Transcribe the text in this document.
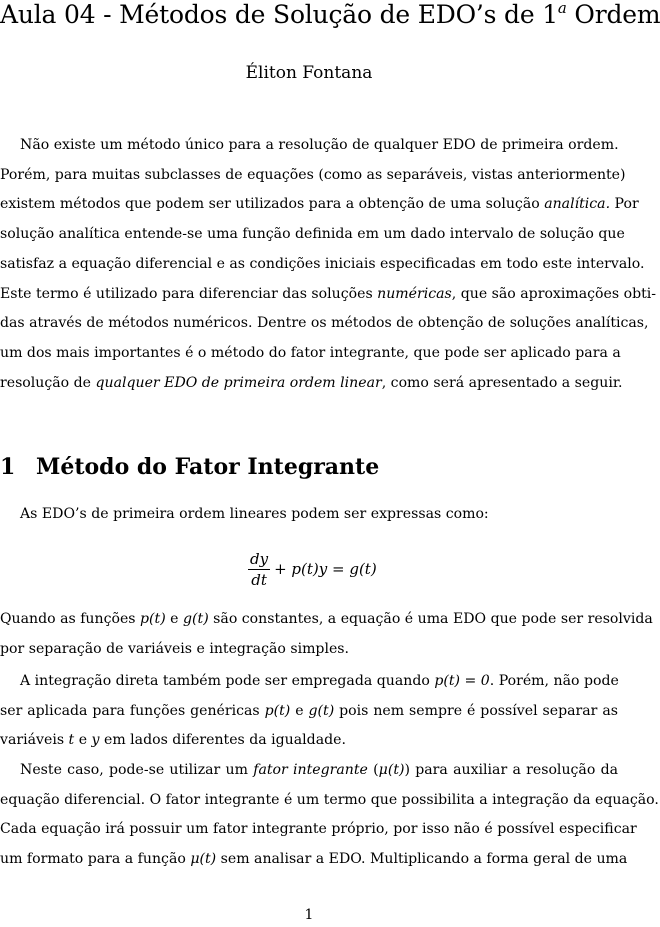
Aula 04 - Métodos de Solução de EDO’s de 1$^a$ Ordem
Éliton Fontana
Não existe um método único para a resolução de qualquer EDO de primeira ordem.
Porém, para muitas subclasses de equações (como as separáveis, vistas anteriormente)
existem métodos que podem ser utilizados para a obtenção de uma solução analítica. Por
solução analítica entende-se uma função definida em um dado intervalo de solução que
satisfaz a equação diferencial e as condições iniciais especificadas em todo este intervalo.
Este termo é utilizado para diferenciar das soluções numéricas, que são aproximações obti-
das através de métodos numéricos. Dentre os métodos de obtenção de soluções analíticas,
um dos mais importantes é o método do fator integrante, que pode ser aplicado para a
resolução de qualquer EDO de primeira ordem linear, como será apresentado a seguir.
1 Método do Fator Integrante
As EDO’s de primeira ordem lineares podem ser expressas como:
$\frac{dy}{dt} + p(t)y = g(t)$
Quando as funções p(t) e g(t) são constantes, a equação é uma EDO que pode ser resolvida
por separação de variáveis e integração simples.
A integração direta também pode ser empregada quando p(t) = 0. Porém, não pode
ser aplicada para funções genéricas p(t) e g(t) pois nem sempre é possível separar as
variáveis t e y em lados diferentes da igualdade.
Neste caso, pode-se utilizar um fator integrante (μ(t)) para auxiliar a resolução da
equação diferencial. O fator integrante é um termo que possibilita a integração da equação.
Cada equação irá possuir um fator integrante próprio, por isso não é possível especificar
um formato para a função μ(t) sem analisar a EDO. Multiplicando a forma geral de uma
1
